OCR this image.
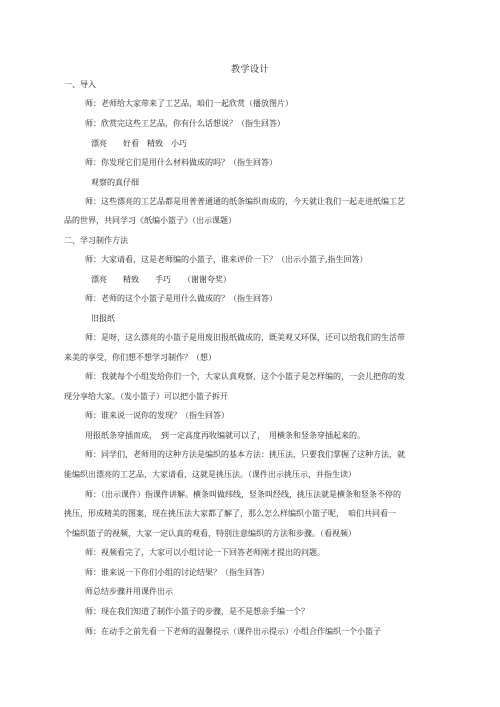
教学设计
一、导入
师：老师给大家带来了工艺品，咱们一起欣赏（播放图片）
师：欣赏完这些工艺品，你有什么话想说？（指生回答）
漂亮　　好看　精致　小巧
师：你发现它们是用什么材料做成的吗？（指生回答）
观察的真仔细
师：这些漂亮的工艺品都是用普普通通的纸条编织而成的，今天就让我们一起走进纸编工艺
品的世界，共同学习《纸编小篮子》（出示课题）
二、学习制作方法
师：大家请看，这是老师编的小篮子，谁来评价一下？（出示小篮子,指生回答）
漂亮　　精致　　手巧　　（谢谢夸奖）
师：老师的这个小篮子是用什么做成的？（指生回答）
旧报纸
师：是呀，这么漂亮的小篮子是用废旧报纸做成的，既美观又环保，还可以给我们的生活带
来美的享受，你们想不想学习制作？（想）
师：我就每个小组发给你们一个，大家认真观察，这个小篮子是怎样编的，一会儿把你的发
现分享给大家。（发小篮子）可以把小篮子拆开
师：谁来说一说你的发现？（指生回答）
用报纸条穿插而成，　到一定高度再收编就可以了，　用横条和竖条穿插起来的。
师：同学们，老师用的这种方法是编织的基本方法：挑压法，只要我们掌握了这种方法，就
能编织出漂亮的工艺品，大家请看，这就是挑压法。（课件出示挑压示，并指生读）
师：（出示课件）指课件讲解。横条叫做纬线，竖条叫经线，挑压法就是横条和竖条不停的
挑压，形成精美的图案，现在挑压法大家都了解了，那么怎么样编织小篮子呢，　咱们共同看一
个编织篮子的视频，大家一定认真的观看，特别注意编织的方法和步骤。（看视频）
师：视频看完了，大家可以小组讨论一下回答老师刚才提出的问题。
师：谁来说一下你们小组的讨论结果？（指生回答）
师总结步骤并用课件出示
师：现在我们知道了制作小篮子的步骤，是不是想亲手编一个？
师：在动手之前先看一下老师的温馨提示（课件出示提示）小组合作编织一个小篮子
